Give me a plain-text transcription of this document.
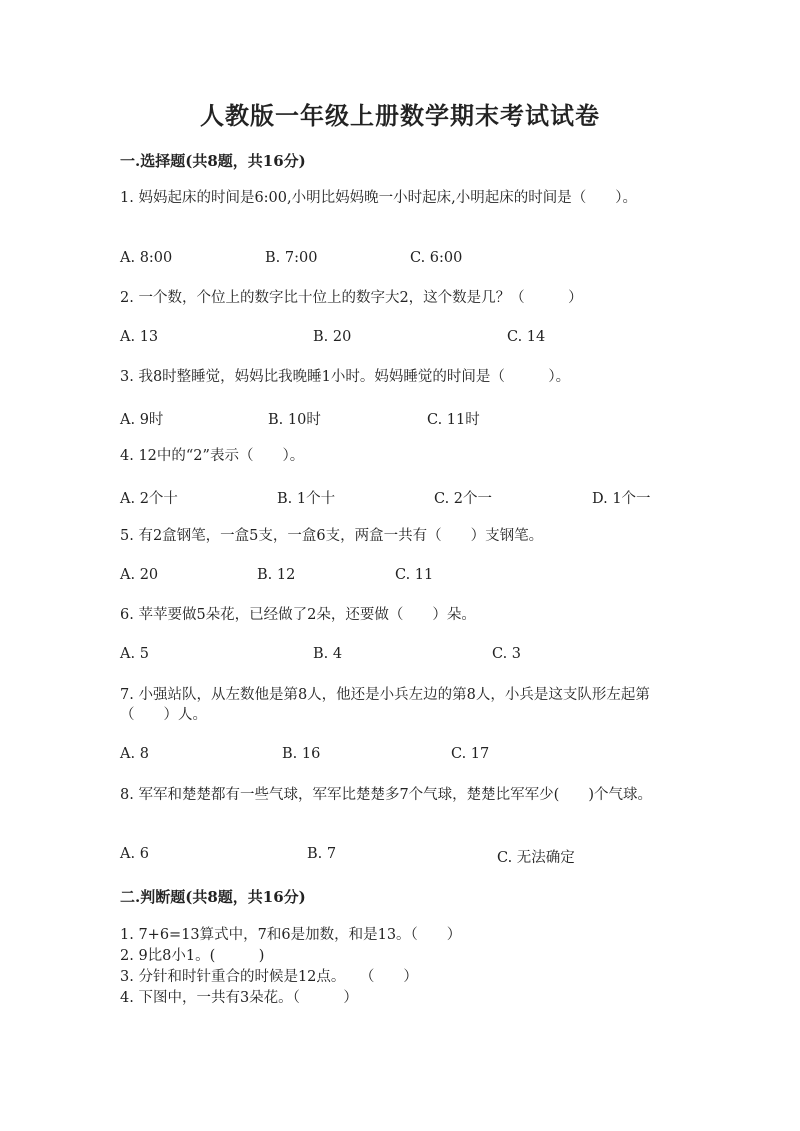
人教版一年级上册数学期末考试试卷
一.选择题(共8题，共16分)
1. 妈妈起床的时间是6:00,小明比妈妈晚一小时起床,小明起床的时间是（　　）。
A. 8:00	B. 7:00	C. 6:00
2. 一个数，个位上的数字比十位上的数字大2，这个数是几？（　　　）
A. 13	B. 20	C. 14
3. 我8时整睡觉，妈妈比我晚睡1小时。妈妈睡觉的时间是（　　　）。
A. 9时	B. 10时	C. 11时
4. 12中的“2”表示（　　）。
A. 2个十	B. 1个十	C. 2个一	D. 1个一
5. 有2盒钢笔，一盒5支，一盒6支，两盒一共有（　　）支钢笔。
A. 20	B. 12	C. 11
6. 苹苹要做5朵花，已经做了2朵，还要做（　　）朵。
A. 5	B. 4	C. 3
7. 小强站队，从左数他是第8人，他还是小兵左边的第8人，小兵是这支队形左起第（　　）人。
A. 8	B. 16	C. 17
8. 军军和楚楚都有一些气球，军军比楚楚多7个气球，楚楚比军军少(　　)个气球。
A. 6	B. 7	C. 无法确定
二.判断题(共8题，共16分)
1. 7+6=13算式中，7和6是加数，和是13。（　　）
2. 9比8小1。(　　　)
3. 分针和时针重合的时候是12点。　　（　　）
4. 下图中，一共有3朵花。（　　　）
